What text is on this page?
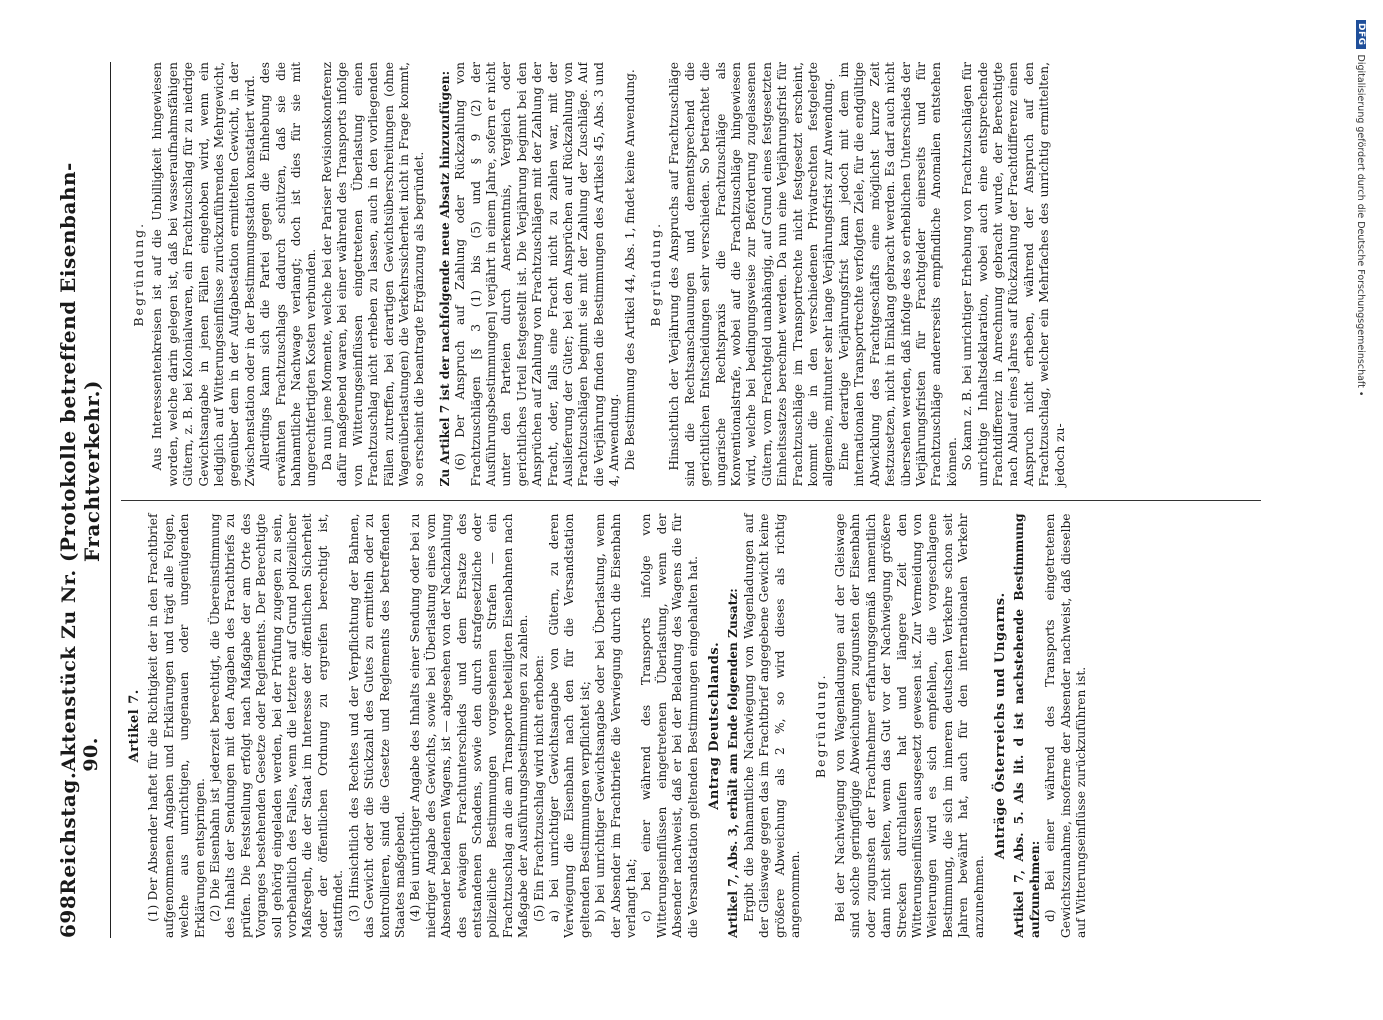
698
Reichstag.
Aktenstück Zu Nr. 90.
(Protokolle betreffend Eisenbahn-Frachtverkehr.)
Artikel 7. (1) Der Absender haftet für die Richtigkeit der in den Frachtbrief aufgenommenen Angaben und Erklärungen und trägt alle Folgen, welche aus unrichtigen, ungenauen oder ungenügenden Erklärungen entspringen. (2) Die Eisenbahn ist jederzeit berechtigt, die Übereinstimmung des Inhalts der Sendungen mit den Angaben des Frachtbriefs zu prüfen. Die Feststellung erfolgt nach Maßgabe der am Orte des Vorganges bestehenden Gesetze oder Reglements. Der Berechtigte soll gehörig eingeladen werden, bei der Prüfung zugegen zu sein, vorbehaltlich des Falles, wenn die letztere auf Grund polizeilicher Maßregeln, die der Staat im Interesse der öffentlichen Sicherheit oder der öffentlichen Ordnung zu ergreifen berechtigt ist, stattfindet. (3) Hinsichtlich des Rechtes und der Verpflichtung der Bahnen, das Gewicht oder die Stückzahl des Gutes zu ermitteln oder zu kontrollieren, sind die Gesetze und Reglements des betreffenden Staates maßgebend. (4) Bei unrichtiger Angabe des Inhalts einer Sendung oder bei zu niedriger Angabe des Gewichts, sowie bei Überlastung eines vom Absender beladenen Wagens, ist — abgesehen von der Nachzahlung des etwaigen Frachtunterschieds und dem Ersatze des entstandenen Schadens, sowie den durch strafgesetzliche oder polizeiliche Bestimmungen vorgesehenen Strafen — ein Frachtzuschlag an die am Transporte beteiligten Eisenbahnen nach Maßgabe der Ausführungsbestimmungen zu zahlen. (5) Ein Frachtzuschlag wird nicht erhoben: a) bei unrichtiger Gewichtsangabe von Gütern, zu deren Verwiegung die Eisenbahn nach den für die Versandstation geltenden Bestimmungen verpflichtet ist; b) bei unrichtiger Gewichtsangabe oder bei Überlastung, wenn der Absender im Frachtbriefe die Verwiegung durch die Eisenbahn verlangt hat; c) bei einer während des Transports infolge von Witterungseinflüssen eingetretenen Überlastung, wenn der Absender nachweist, daß er bei der Beladung des Wagens die für die Versandstation geltenden Bestimmungen eingehalten hat. Antrag Deutschlands. Artikel 7, Abs. 3, erhält am Ende folgenden Zusatz: Ergibt die bahnamtliche Nachwiegung von Wagenladungen auf der Gleiswage gegen das im Frachtbrief angegebene Gewicht keine größere Abweichung als 2 %, so wird dieses als richtig angenommen.

Begründung. Bei der Nachwiegung von Wagenladungen auf der Gleiswage sind solche geringfügige Abweichungen zugunsten der Eisenbahn oder zugunsten der Frachtnehmer erfahrungsgemäß namentlich dann nicht selten, wenn das Gut vor der Nachwiegung größere Strecken durchlaufen hat und längere Zeit den Witterungseinflüssen ausgesetzt gewesen ist. Zur Vermeidung von Weiterungen wird es sich empfehlen, die vorgeschlagene Bestimmung, die sich im inneren deutschen Verkehre schon seit Jahren bewährt hat, auch für den internationalen Verkehr anzunehmen.

Anträge Österreichs und Ungarns. Artikel 7, Abs. 5. Als lit. d ist nachstehende Bestimmung aufzunehmen: d) Bei einer während des Transports eingetretenen Gewichtszunahme, insoferne der Absender nachweist, daß dieselbe auf Witterungseinflüsse zurückzuführen ist.

Begründung. Aus Interessentenkreisen ist auf die Unbilligkeit hingewiesen worden, welche darin gelegen ist, daß bei wasseraufnahmsfähigen Gütern, z. B. bei Kolonialwaren, ein Frachtzuschlag für zu niedrige Gewichtsangabe in jenen Fällen eingehoben wird, wenn ein lediglich auf Witterungseinflüsse zurückzuführendes Mehrgewicht, gegenüber dem in der Aufgabestation ermittelten Gewicht, in der Zwischenstation oder in der Bestimmungsstation konstatiert wird. Allerdings kann sich die Partei gegen die Einhebung des erwähnten Frachtzuschlags dadurch schützen, daß sie die bahnamtliche Nachwage verlangt; doch ist dies für sie mit ungerechtfertigten Kosten verbunden. Da nun jene Momente, welche bei der Pariser Revisionskonferenz dafür maßgebend waren, bei einer während des Transports infolge von Witterungseinflüssen eingetretenen Überlastung einen Frachtzuschlag nicht erheben zu lassen, auch in den vorliegenden Fällen zutreffen, bei derartigen Gewichtsüberschreitungen (ohne Wagenüberlastungen) die Verkehrssicherheit nicht in Frage kommt, so erscheint die beantragte Ergänzung als begründet. Zu Artikel 7 ist der nachfolgende neue Absatz hinzuzufügen: (6) Der Anspruch auf Zahlung oder Rückzahlung von Frachtzuschlägen [§ 3 (1) bis (5) und § 9 (2) der Ausführungsbestimmungen] verjährt in einem Jahre, sofern er nicht unter den Parteien durch Anerkenntnis, Vergleich oder gerichtliches Urteil festgestellt ist. Die Verjährung beginnt bei den Ansprüchen auf Zahlung von Frachtzuschlägen mit der Zahlung der Fracht, oder, falls eine Fracht nicht zu zahlen war, mit der Auslieferung der Güter; bei den Ansprüchen auf Rückzahlung von Frachtzuschlägen beginnt sie mit der Zahlung der Zuschläge. Auf die Verjährung finden die Bestimmungen des Artikels 45, Abs. 3 und 4, Anwendung. Die Bestimmung des Artikel 44, Abs. 1, findet keine Anwendung. Begründung. Hinsichtlich der Verjährung des Anspruchs auf Frachtzuschläge sind die Rechtsanschauungen und dementsprechend die gerichtlichen Entscheidungen sehr verschieden. So betrachtet die ungarische Rechtspraxis die Frachtzuschläge als Konventionalstrafe, wobei auf die Frachtzuschläge hingewiesen wird, welche bei bedingungsweise zur Beförderung zugelassenen Gütern, vom Frachtgeld unabhängig, auf Grund eines festgesetzten Einheitssatzes berechnet werden. Da nun eine Verjährungsfrist für Frachtzuschläge im Transportrechte nicht festgesetzt erscheint, kommt die in den verschiedenen Privatrechten festgelegte allgemeine, mitunter sehr lange Verjährungsfrist zur Anwendung. Eine derartige Verjährungsfrist kann jedoch mit dem im internationalen Transportrechte verfolgten Ziele, für die endgültige Abwicklung des Frachtgeschäfts eine möglichst kurze Zeit festzusetzen, nicht in Einklang gebracht werden. Es darf auch nicht übersehen werden, daß infolge des so erheblichen Unterschieds der Verjährungsfristen für Frachtgelder einerseits und für Frachtzuschläge andererseits empfindliche Anomalien entstehen können. So kann z. B. bei unrichtiger Erhebung von Frachtzuschlägen für unrichtige Inhaltsdeklaration, wobei auch eine entsprechende Frachtdifferenz in Anrechnung gebracht wurde, der Berechtigte nach Ablauf eines Jahres auf Rückzahlung der Frachtdifferenz einen Anspruch nicht erheben, während der Anspruch auf den Frachtzuschlag, welcher ein Mehrfaches des unrichtig ermittelten, jedoch zu-

DFG
Digitalisierung gefördert durch die Deutsche Forschungsgemeinschaft •
